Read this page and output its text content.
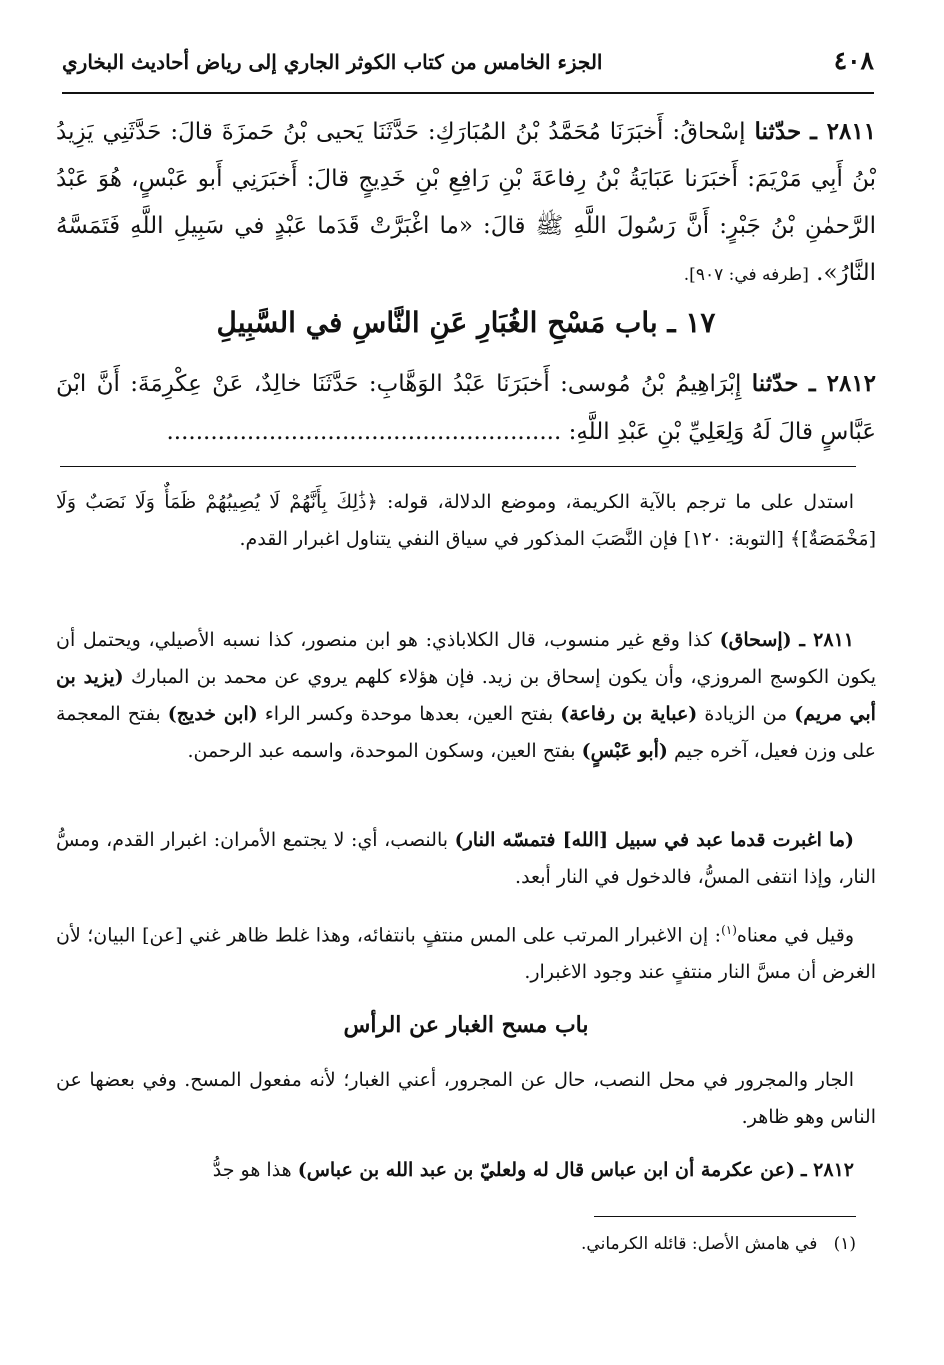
٤٠٨
الجزء الخامس من كتاب الكوثر الجاري إلى رياض أحاديث البخاري
٢٨١١ ـ حدّثنا إسْحاقُ: أَخبَرَنَا مُحَمَّدُ بْنُ المُبَارَكِ: حَدَّثَنَا يَحيى بْنُ حَمزَةَ قالَ: حَدَّثَنِي يَزِيدُ بْنُ أَبِي مَرْيَمَ: أَخبَرَنا عَبَايَةُ بْنُ رِفاعَةَ بْنِ رَافِعِ بْنِ خَدِيجٍ قالَ: أَخبَرَنِي أَبو عَبْسٍ، هُوَ عَبْدُ الرَّحمٰنِ بْنُ جَبْرٍ: أَنَّ رَسُولَ اللَّهِ ﷺ قالَ: «ما اغْبَرَّتْ قَدَما عَبْدٍ في سَبِيلِ اللَّهِ فَتَمَسَّهُ النَّارُ». [طرفه في: ٩٠٧].
١٧ ـ باب مَسْحِ الغُبَارِ عَنِ النَّاسِ في السَّبِيلِ
٢٨١٢ ـ حدّثنا إِبْرَاهِيمُ بْنُ مُوسى: أَخبَرَنَا عَبْدُ الوَهَّابِ: حَدَّثَنَا خالِدٌ، عَنْ عِكْرِمَةَ: أَنَّ ابْنَ عَبَّاسٍ قالَ لَهُ وَلِعَلِيِّ بْنِ عَبْدِ اللَّهِ: ......................................................
استدل على ما ترجم بالآية الكريمة، وموضع الدلالة، قوله: ﴿ذَٰلِكَ بِأَنَّهُمْ لَا يُصِيبُهُمْ ظَمَأٌ وَلَا نَصَبٌ وَلَا [مَخْمَصَةٌ]﴾ [التوبة: ١٢٠] فإن النَّصَبَ المذكور في سياق النفي يتناول اغبرار القدم.
٢٨١١ ـ (إسحاق) كذا وقع غير منسوب، قال الكلاباذي: هو ابن منصور، كذا نسبه الأصيلي، ويحتمل أن يكون الكوسج المروزي، وأن يكون إسحاق بن زيد. فإن هؤلاء كلهم يروي عن محمد بن المبارك (يزيد بن أبي مريم) من الزيادة (عباية بن رفاعة) بفتح العين، بعدها موحدة وكسر الراء (ابن خديج) بفتح المعجمة على وزن فعيل، آخره جيم (أبو عَبْسٍ) بفتح العين، وسكون الموحدة، واسمه عبد الرحمن.
(ما اغبرت قدما عبد في سبيل [الله] فتمسّه النار) بالنصب، أي: لا يجتمع الأمران: اغبرار القدم، ومسُّ النار، وإذا انتفى المسُّ، فالدخول في النار أبعد.
وقيل في معناه$^{(١)}$: إن الاغبرار المرتب على المس منتفٍ بانتفائه، وهذا غلط ظاهر غني [عن] البيان؛ لأن الغرض أن مسَّ النار منتفٍ عند وجود الاغبرار.
باب مسح الغبار عن الرأس
الجار والمجرور في محل النصب، حال عن المجرور، أعني الغبار؛ لأنه مفعول المسح. وفي بعضها عن الناس وهو ظاهر.
٢٨١٢ ـ (عن عكرمة أن ابن عباس قال له ولعليّ بن عبد الله بن عباس) هذا هو جدُّ
(١)   في هامش الأصل: قائله الكرماني.
